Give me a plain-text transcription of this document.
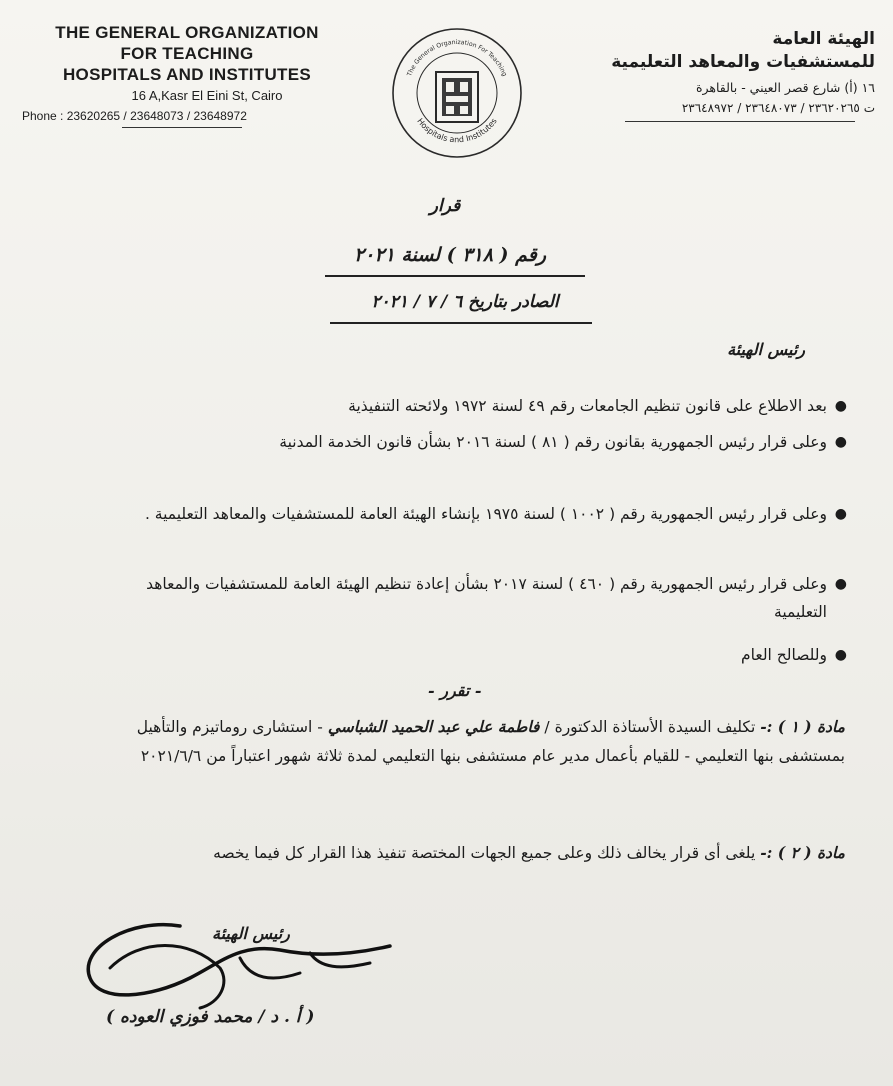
THE GENERAL ORGANIZATION
FOR TEACHING
HOSPITALS AND INSTITUTES
16 A,Kasr El Eini St, Cairo
Phone : 23620265 / 23648073 / 23648972
The General Organization For Teaching
Hospitals and Institutes
الهيئة العامة
للمستشفيات والمعاهد التعليمية
١٦ (أ) شارع قصر العيني - بالقاهرة
ت ٢٣٦٢٠٢٦٥ / ٢٣٦٤٨٠٧٣ / ٢٣٦٤٨٩٧٢
قرار
رقم ( ٣١٨ ) لسنة ٢٠٢١
الصادر بتاريخ ٦ / ٧ / ٢٠٢١
رئيس الهيئة
●
بعد الاطلاع على قانون تنظيم الجامعات رقم ٤٩ لسنة ١٩٧٢ ولائحته التنفيذية
●
وعلى قرار رئيس الجمهورية بقانون رقم ( ٨١ ) لسنة ٢٠١٦ بشأن قانون الخدمة المدنية
●
وعلى قرار رئيس الجمهورية رقم ( ١٠٠٢ ) لسنة ١٩٧٥ بإنشاء الهيئة العامة للمستشفيات والمعاهد التعليمية .
●
وعلى قرار رئيس الجمهورية رقم ( ٤٦٠ ) لسنة ٢٠١٧ بشأن إعادة تنظيم الهيئة العامة للمستشفيات والمعاهد التعليمية
●
وللصالح العام
- تقرر -
مادة ( ١ ) :- تكليف السيدة الأستاذة الدكتورة / فاطمة علي عبد الحميد الشباسي - استشارى روماتيزم والتأهيل بمستشفى بنها التعليمي - للقيام بأعمال مدير عام مستشفى بنها التعليمي لمدة ثلاثة شهور اعتباراً من ٢٠٢١/٦/٦
مادة ( ٢ ) :- يلغى أى قرار يخالف ذلك وعلى جميع الجهات المختصة تنفيذ هذا القرار كل فيما يخصه
رئيس الهيئة
( أ . د / محمد فوزي العوده )
